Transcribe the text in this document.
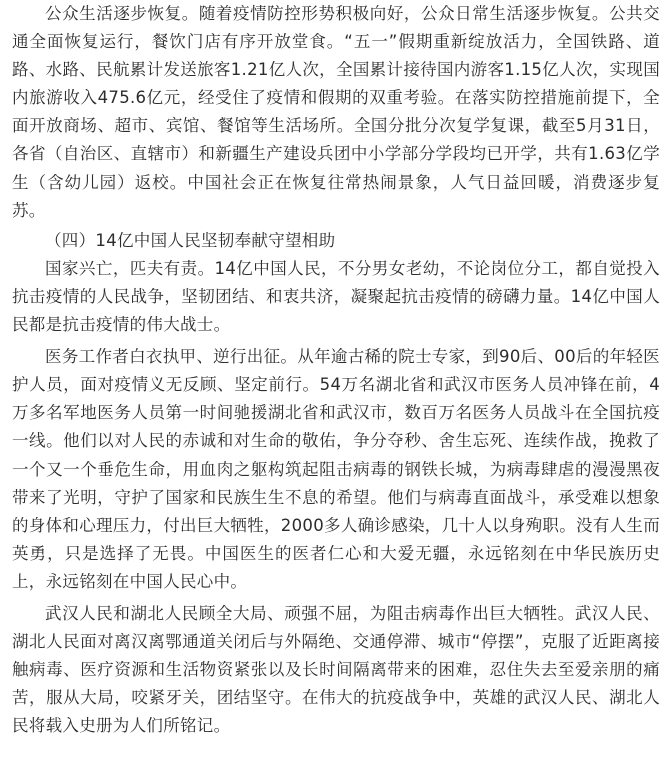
公众生活逐步恢复。随着疫情防控形势积极向好，公众日常生活逐步恢复。公共交通全面恢复运行，餐饮门店有序开放堂食。“五一”假期重新绽放活力，全国铁路、道路、水路、民航累计发送旅客1.21亿人次，全国累计接待国内游客1.15亿人次，实现国内旅游收入475.6亿元，经受住了疫情和假期的双重考验。在落实防控措施前提下，全面开放商场、超市、宾馆、餐馆等生活场所。全国分批分次复学复课，截至5月31日，各省（自治区、直辖市）和新疆生产建设兵团中小学部分学段均已开学，共有1.63亿学生（含幼儿园）返校。中国社会正在恢复往常热闹景象，人气日益回暖，消费逐步复苏。

（四）14亿中国人民坚韧奉献守望相助

国家兴亡，匹夫有责。14亿中国人民，不分男女老幼，不论岗位分工，都自觉投入抗击疫情的人民战争，坚韧团结、和衷共济，凝聚起抗击疫情的磅礴力量。14亿中国人民都是抗击疫情的伟大战士。

医务工作者白衣执甲、逆行出征。从年逾古稀的院士专家，到90后、00后的年轻医护人员，面对疫情义无反顾、坚定前行。54万名湖北省和武汉市医务人员冲锋在前，4万多名军地医务人员第一时间驰援湖北省和武汉市，数百万名医务人员战斗在全国抗疫一线。他们以对人民的赤诚和对生命的敬佑，争分夺秒、舍生忘死、连续作战，挽救了一个又一个垂危生命，用血肉之躯构筑起阻击病毒的钢铁长城，为病毒肆虐的漫漫黑夜带来了光明，守护了国家和民族生生不息的希望。他们与病毒直面战斗，承受难以想象的身体和心理压力，付出巨大牺牲，2000多人确诊感染，几十人以身殉职。没有人生而英勇，只是选择了无畏。中国医生的医者仁心和大爱无疆，永远铭刻在中华民族历史上，永远铭刻在中国人民心中。

武汉人民和湖北人民顾全大局、顽强不屈，为阻击病毒作出巨大牺牲。武汉人民、湖北人民面对离汉离鄂通道关闭后与外隔绝、交通停滞、城市“停摆”，克服了近距离接触病毒、医疗资源和生活物资紧张以及长时间隔离带来的困难，忍住失去至爱亲朋的痛苦，服从大局，咬紧牙关，团结坚守。在伟大的抗疫战争中，英雄的武汉人民、湖北人民将载入史册为人们所铭记。
